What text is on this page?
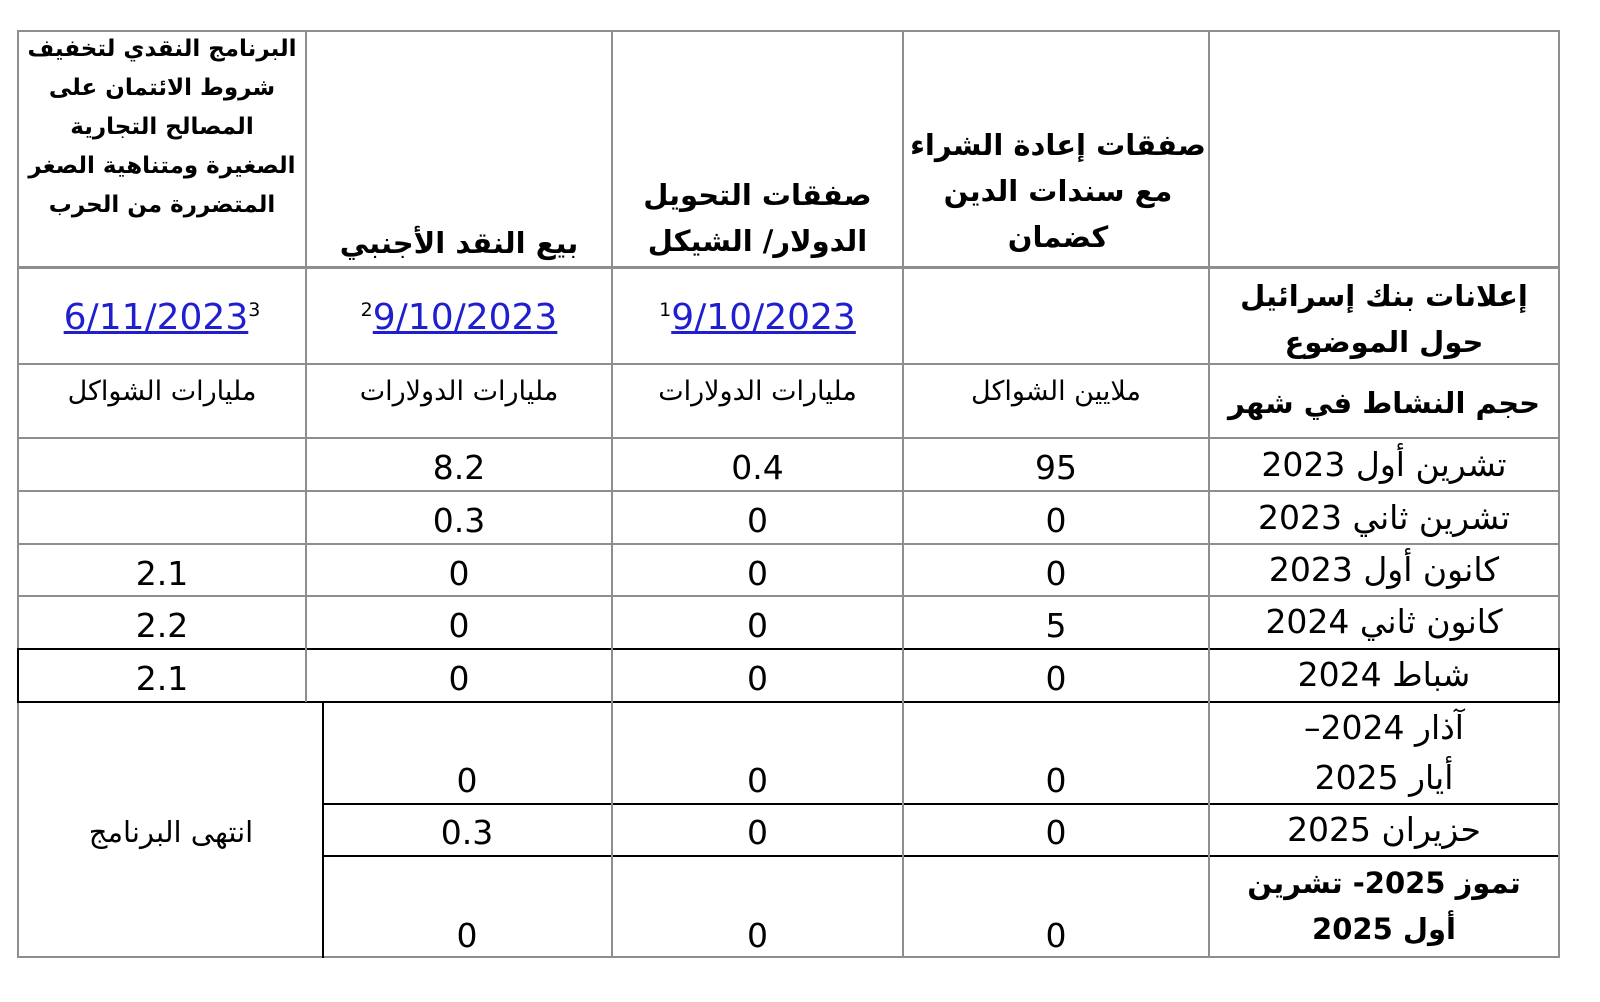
صفقات إعادة الشراء مع سندات الدين كضمان
صفقات التحويل الدولار/ الشيكل
بيع النقد الأجنبي
البرنامج النقدي لتخفيف شروط الائتمان على المصالح التجارية الصغيرة ومتناهية الصغر المتضررة من الحرب
إعلانات بنك إسرائيل حول الموضوع
$^1$9/10/2023
$^2$9/10/2023
6/11/2023$^3$
حجم النشاط في شهر
ملايين الشواكل
مليارات الدولارات
مليارات الدولارات
مليارات الشواكل
تشرين أول 2023
95
0.4
8.2
تشرين ثاني 2023
0
0
0.3
كانون أول 2023
0
0
0
2.1
كانون ثاني 2024
5
0
0
2.2
شباط 2024
0
0
0
2.1
آذار 2024–
أيار 2025
0
0
0
حزيران 2025
0
0
0.3
تموز 2025- تشرين
أول 2025
0
0
0
انتهى البرنامج
